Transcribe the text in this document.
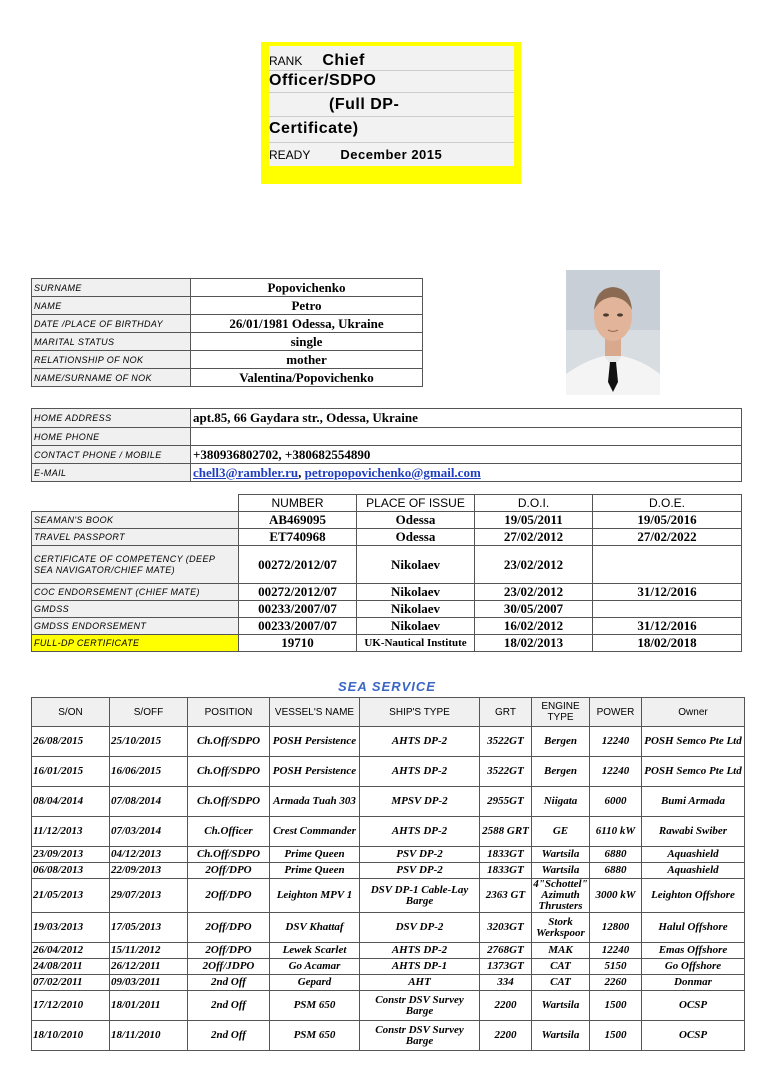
RANK Chief
Officer/SDPO
(Full DP-
Certificate)
READY December 2015
SURNAME	Popovichenko
NAME	Petro
DATE /PLACE OF BIRTHDAY	26/01/1981 Odessa, Ukraine
MARITAL STATUS	single
RELATIONSHIP OF NOK	mother
NAME/SURNAME OF NOK	Valentina/Popovichenko
HOME ADDRESS	apt.85, 66 Gaydara str., Odessa, Ukraine
HOME PHONE	
CONTACT PHONE / MOBILE	+380936802702, +380682554890
E-MAIL	chell3@rambler.ru, petropopovichenko@gmail.com
	NUMBER	PLACE OF ISSUE	D.O.I.	D.O.E.
SEAMAN'S BOOK	AB469095	Odessa	19/05/2011	19/05/2016
TRAVEL PASSPORT	ET740968	Odessa	27/02/2012	27/02/2022
CERTIFICATE OF COMPETENCY (DEEP SEA NAVIGATOR/CHIEF MATE)	00272/2012/07	Nikolaev	23/02/2012	
COC ENDORSEMENT (CHIEF MATE)	00272/2012/07	Nikolaev	23/02/2012	31/12/2016
GMDSS	00233/2007/07	Nikolaev	30/05/2007	
GMDSS ENDORSEMENT	00233/2007/07	Nikolaev	16/02/2012	31/12/2016
FULL-DP CERTIFICATE	19710	UK-Nautical Institute	18/02/2013	18/02/2018
SEA SERVICE
S/ON	S/OFF	POSITION	VESSEL'S NAME	SHIP'S TYPE	GRT	ENGINE TYPE	POWER	Owner
26/08/2015	25/10/2015	Ch.Off/SDPO	POSH Persistence	AHTS DP-2	3522GT	Bergen	12240	POSH Semco Pte Ltd
16/01/2015	16/06/2015	Ch.Off/SDPO	POSH Persistence	AHTS DP-2	3522GT	Bergen	12240	POSH Semco Pte Ltd
08/04/2014	07/08/2014	Ch.Off/SDPO	Armada Tuah 303	MPSV DP-2	2955GT	Niigata	6000	Bumi Armada
11/12/2013	07/03/2014	Ch.Officer	Crest Commander	AHTS DP-2	2588 GRT	GE	6110 kW	Rawabi Swiber
23/09/2013	04/12/2013	Ch.Off/SDPO	Prime Queen	PSV DP-2	1833GT	Wartsila	6880	Aquashield
06/08/2013	22/09/2013	2Off/DPO	Prime Queen	PSV DP-2	1833GT	Wartsila	6880	Aquashield
21/05/2013	29/07/2013	2Off/DPO	Leighton MPV 1	DSV DP-1 Cable-Lay Barge	2363 GT	4"Schottel" Azimuth Thrusters	3000 kW	Leighton Offshore
19/03/2013	17/05/2013	2Off/DPO	DSV Khattaf	DSV DP-2	3203GT	Stork Werkspoor	12800	Halul Offshore
26/04/2012	15/11/2012	2Off/DPO	Lewek Scarlet	AHTS DP-2	2768GT	MAK	12240	Emas Offshore
24/08/2011	26/12/2011	2Off/JDPO	Go Acamar	AHTS DP-1	1373GT	CAT	5150	Go Offshore
07/02/2011	09/03/2011	2nd Off	Gepard	AHT	334	CAT	2260	Donmar
17/12/2010	18/01/2011	2nd Off	PSM 650	Constr DSV Survey Barge	2200	Wartsila	1500	OCSP
18/10/2010	18/11/2010	2nd Off	PSM 650	Constr DSV Survey Barge	2200	Wartsila	1500	OCSP
